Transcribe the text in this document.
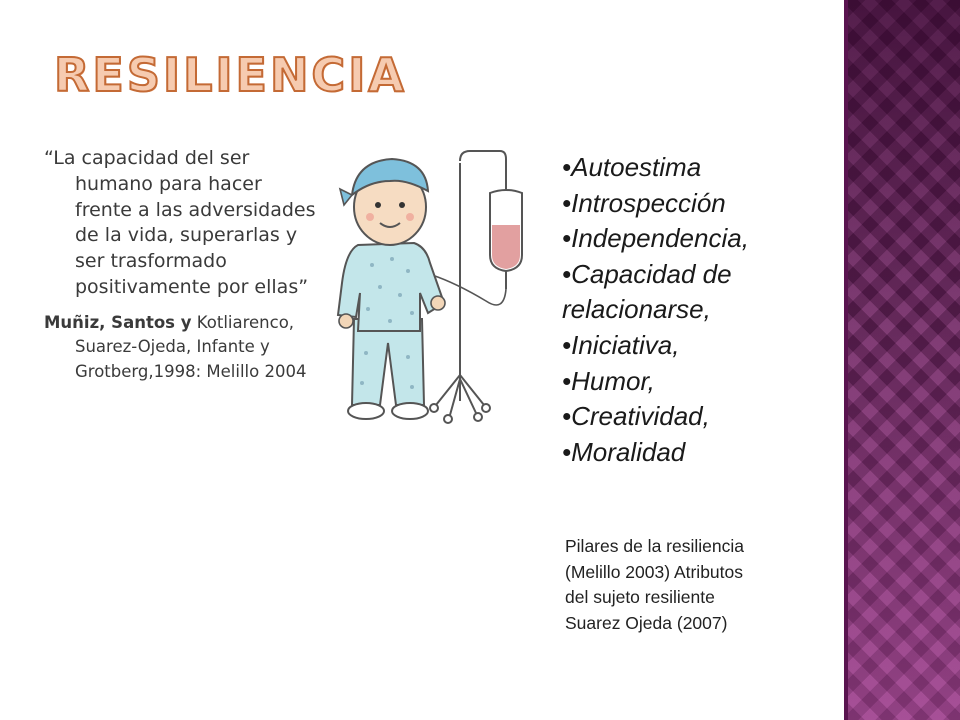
RESILIENCIA

“La capacidad del ser humano para hacer frente a las adversidades de la vida, superarlas y ser trasformado positivamente por ellas”

Muñiz, Santos y Kotliarenco, Suarez-Ojeda, Infante y Grotberg,1998: Melillo 2004

•Autoestima
•Introspección
•Independencia,
•Capacidad de relacionarse,
•Iniciativa,
•Humor,
•Creatividad,
•Moralidad
Pilares de la resiliencia
(Melillo 2003) Atributos
del sujeto resiliente
Suarez Ojeda (2007)
